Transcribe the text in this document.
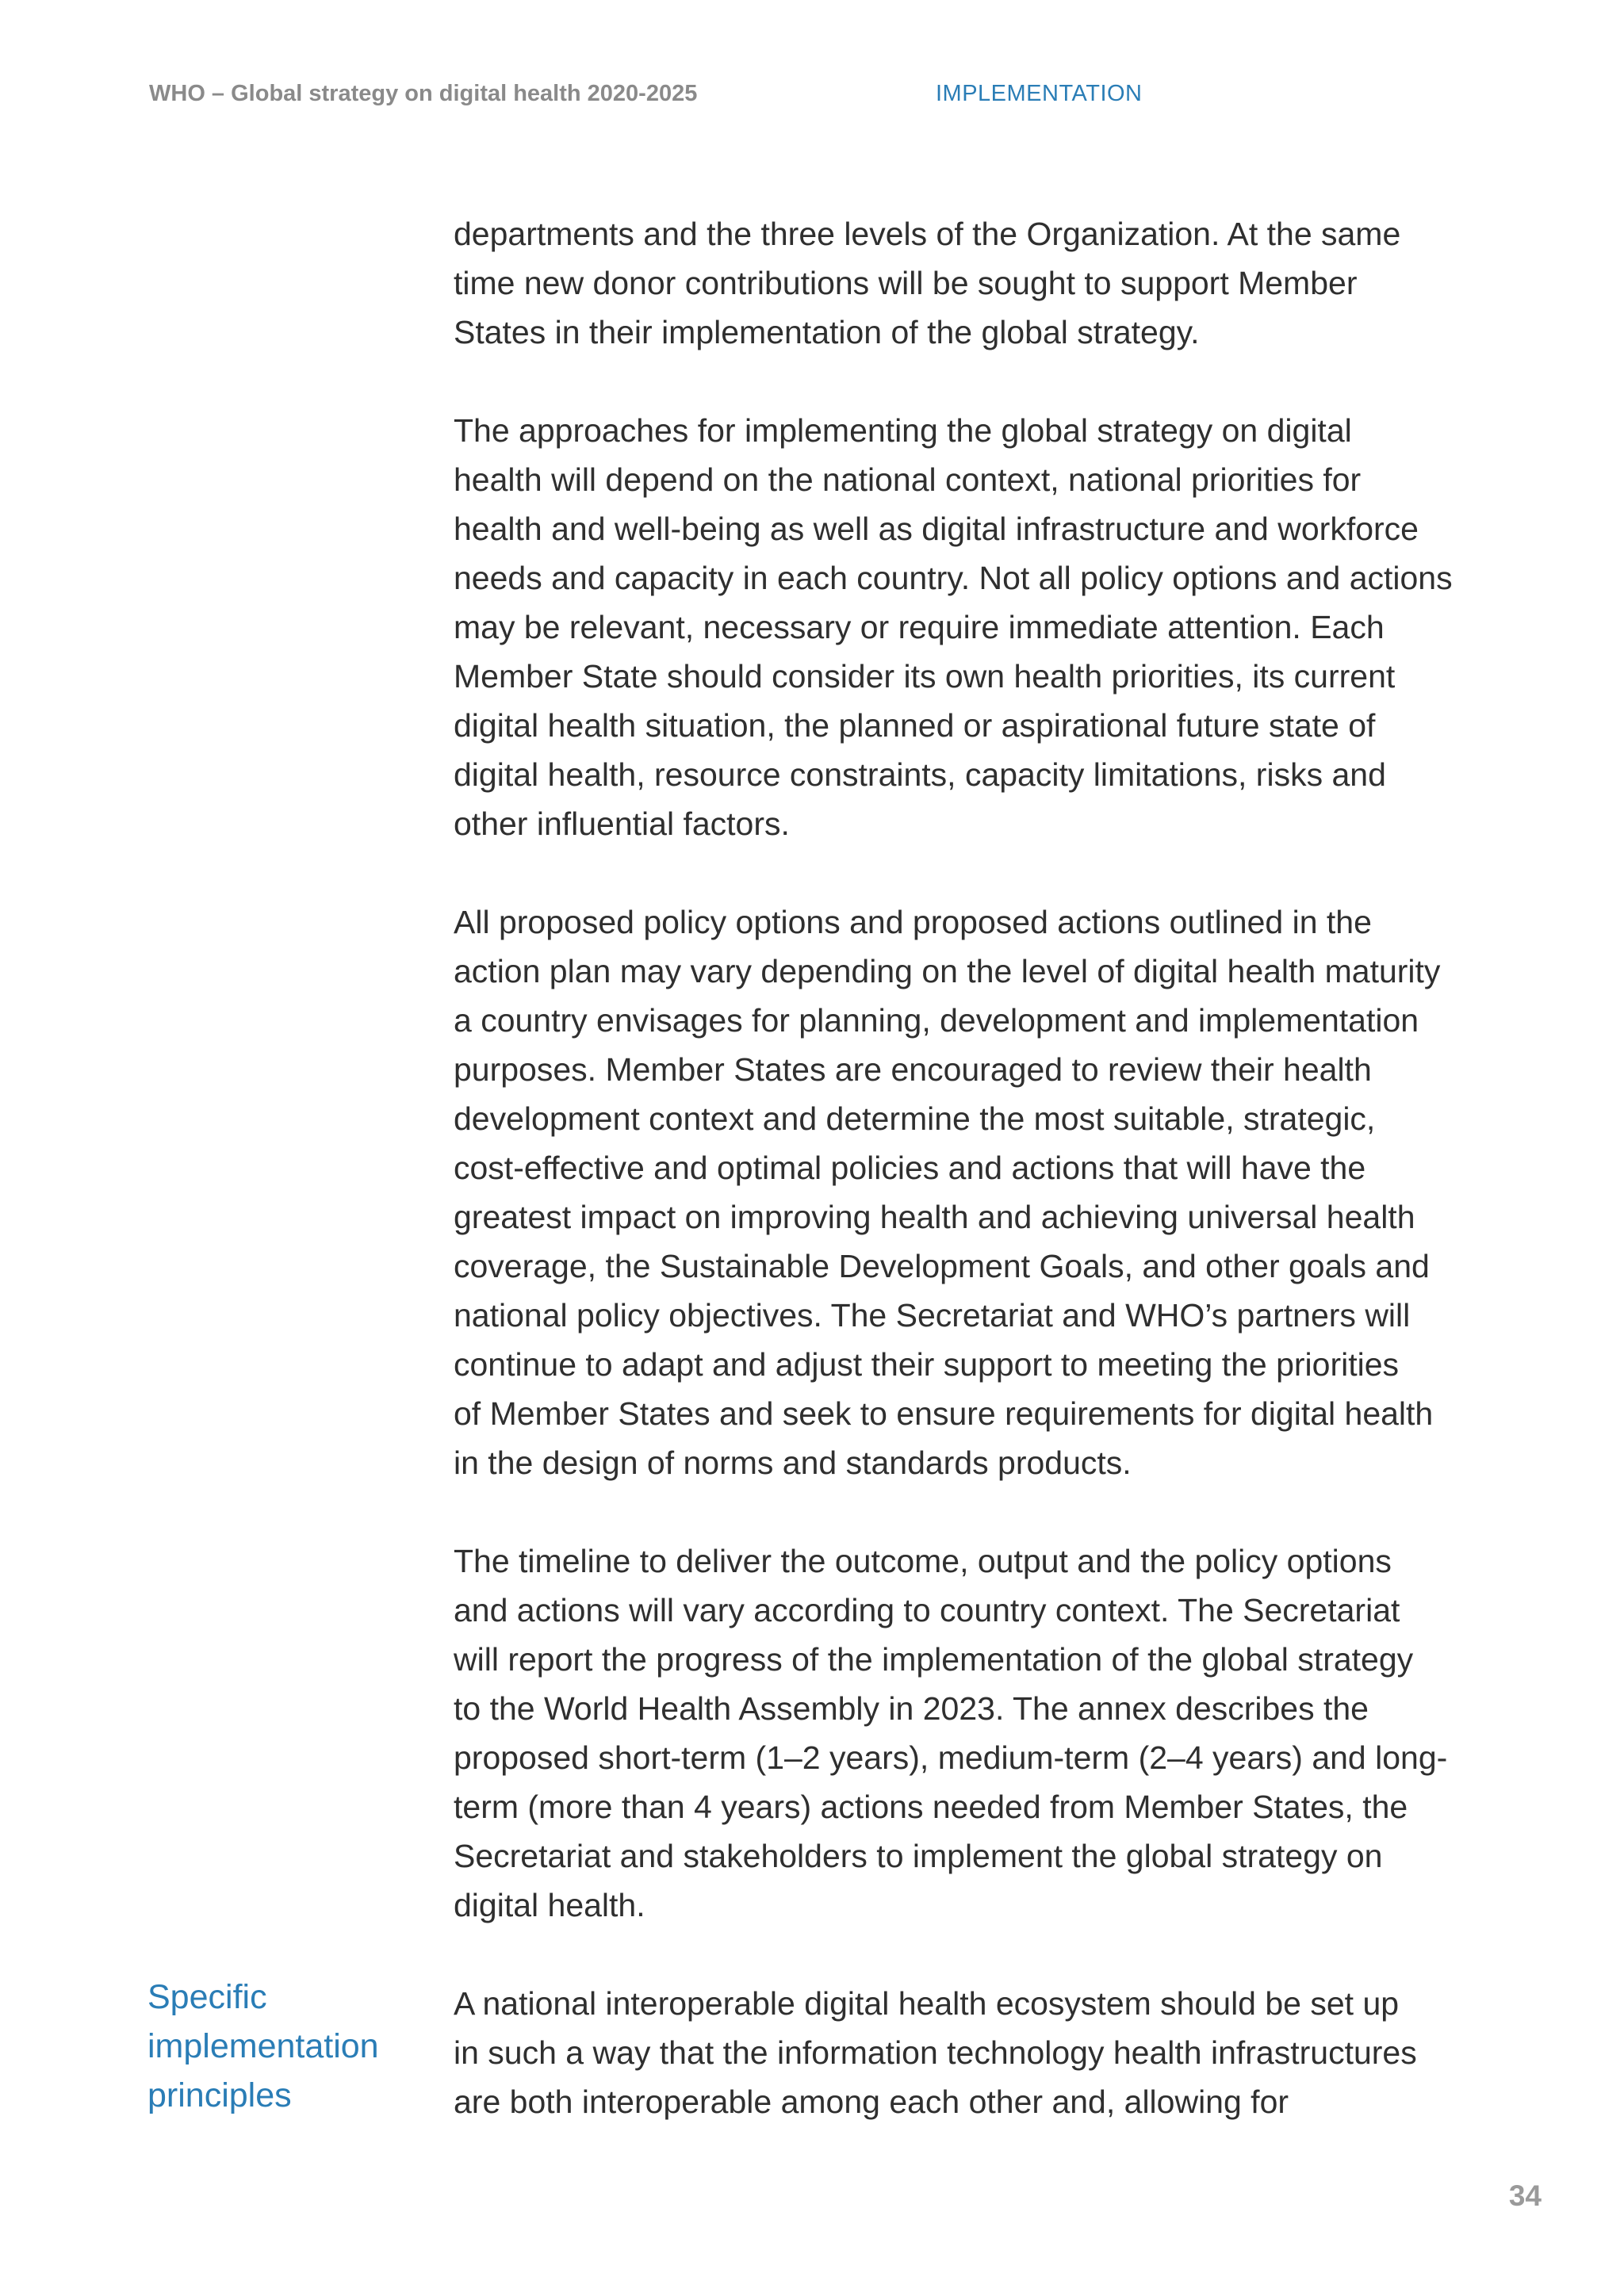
WHO – Global strategy on digital health 2020-2025	IMPLEMENTATION
Specific
implementation
principles

departments and the three levels of the Organization. At the same
time new donor contributions will be sought to support Member
States in their implementation of the global strategy.

The approaches for implementing the global strategy on digital
health will depend on the national context, national priorities for
health and well-being as well as digital infrastructure and workforce
needs and capacity in each country. Not all policy options and actions
may be relevant, necessary or require immediate attention. Each
Member State should consider its own health priorities, its current
digital health situation, the planned or aspirational future state of
digital health, resource constraints, capacity limitations, risks and
other influential factors.

All proposed policy options and proposed actions outlined in the
action plan may vary depending on the level of digital health maturity
a country envisages for planning, development and implementation
purposes. Member States are encouraged to review their health
development context and determine the most suitable, strategic,
cost-effective and optimal policies and actions that will have the
greatest impact on improving health and achieving universal health
coverage, the Sustainable Development Goals, and other goals and
national policy objectives. The Secretariat and WHO’s partners will
continue to adapt and adjust their support to meeting the priorities
of Member States and seek to ensure requirements for digital health
in the design of norms and standards products.

The timeline to deliver the outcome, output and the policy options
and actions will vary according to country context. The Secretariat
will report the progress of the implementation of the global strategy
to the World Health Assembly in 2023. The annex describes the
proposed short-term (1–2 years), medium-term (2–4 years) and long-
term (more than 4 years) actions needed from Member States, the
Secretariat and stakeholders to implement the global strategy on
digital health.

A national interoperable digital health ecosystem should be set up
in such a way that the information technology health infrastructures
are both interoperable among each other and, allowing for

34
